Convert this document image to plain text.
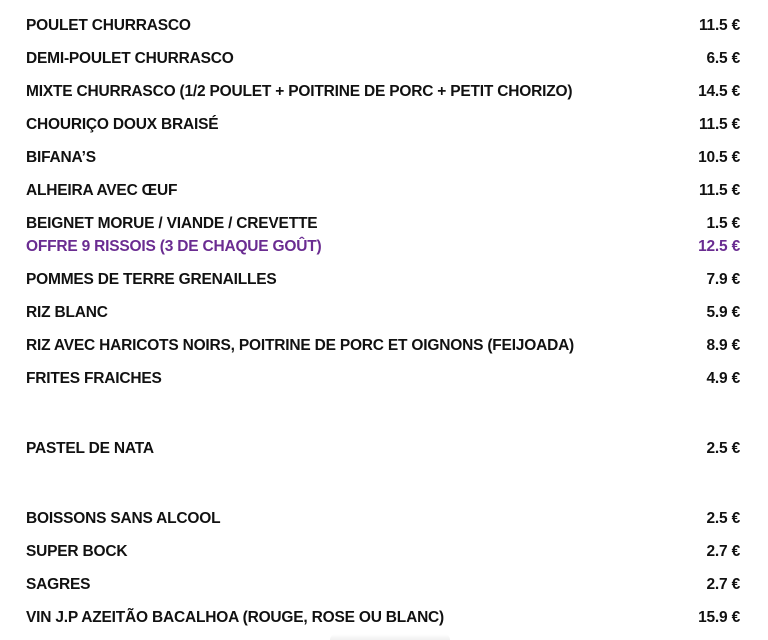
POULET CHURRASCO	11.5 €
DEMI-POULET CHURRASCO	6.5 €
MIXTE CHURRASCO (1/2 POULET + POITRINE DE PORC + PETIT CHORIZO)	14.5 €
CHOURIÇO DOUX BRAISÉ	11.5 €
BIFANA’S	10.5 €
ALHEIRA AVEC ŒUF	11.5 €
BEIGNET MORUE / VIANDE / CREVETTE	1.5 €
OFFRE 9 RISSOIS (3 DE CHAQUE GOÛT)	12.5 €
POMMES DE TERRE GRENAILLES	7.9 €
RIZ BLANC	5.9 €
RIZ AVEC HARICOTS NOIRS, POITRINE DE PORC ET OIGNONS (FEIJOADA)	8.9 €
FRITES FRAICHES	4.9 €
PASTEL DE NATA	2.5 €
BOISSONS SANS ALCOOL	2.5 €
SUPER BOCK	2.7 €
SAGRES	2.7 €
VIN J.P AZEITÃO BACALHOA (ROUGE, ROSE OU BLANC)	15.9 €
